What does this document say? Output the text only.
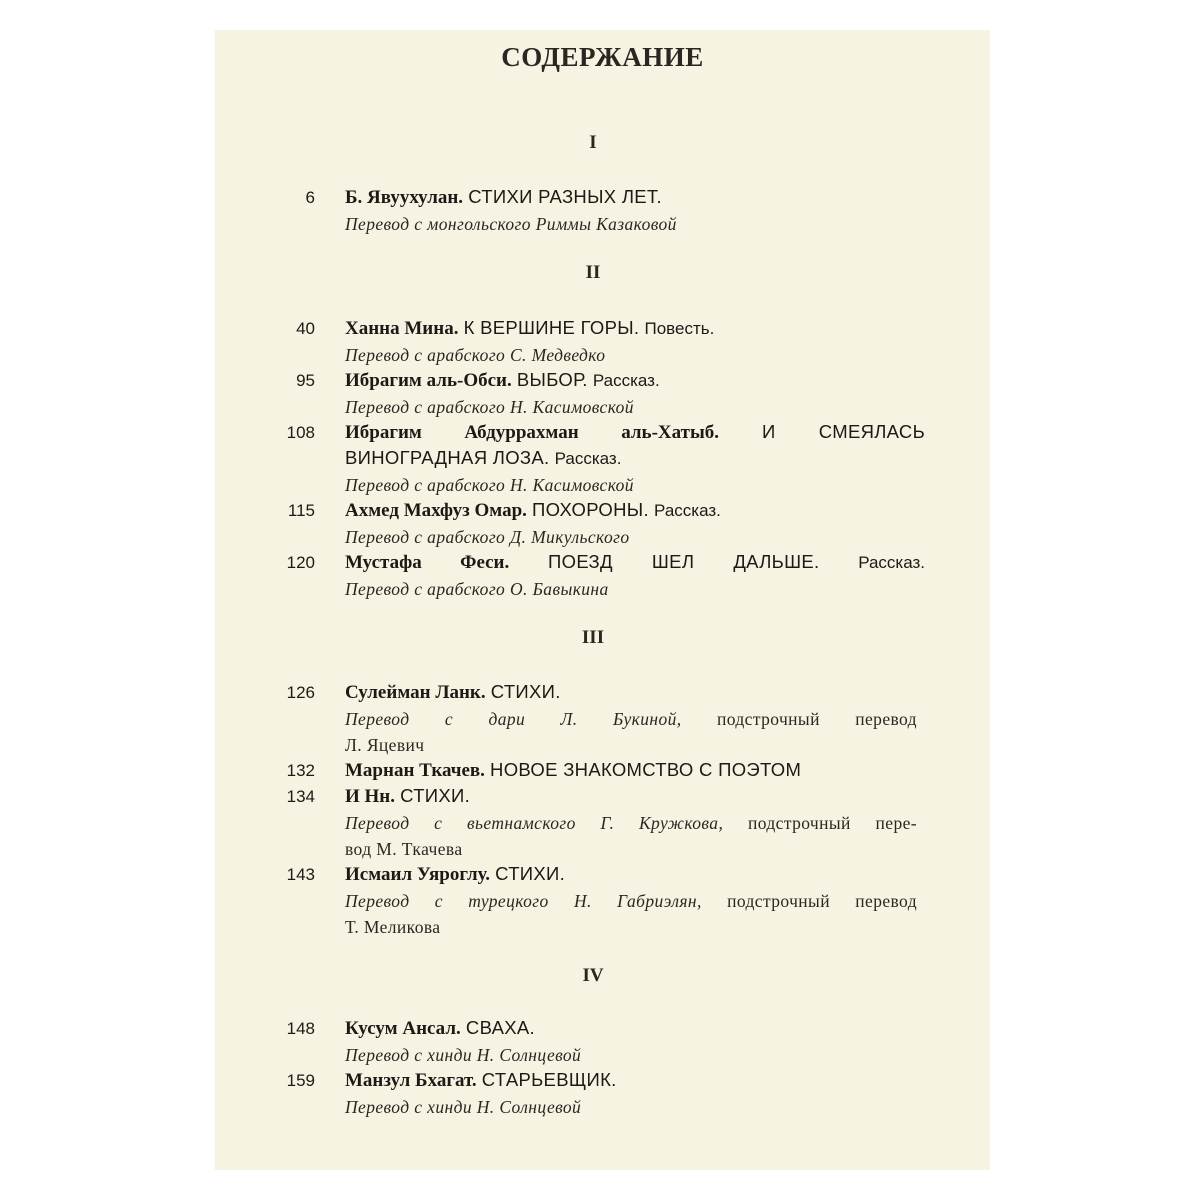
СОДЕРЖАНИЕ
I
6 Б. Явуухулан. СТИХИ РАЗНЫХ ЛЕТ.
Перевод с монгольского Риммы Казаковой
II
40 Ханна Мина. К ВЕРШИНЕ ГОРЫ. Повесть.
Перевод с арабского С. Медведко
95 Ибрагим аль-Обси. ВЫБОР. Рассказ.
Перевод с арабского Н. Касимовской
108 Ибрагим Абдуррахман аль-Хатыб. И СМЕЯЛАСЬ
ВИНОГРАДНАЯ ЛОЗА. Рассказ.
Перевод с арабского Н. Касимовской
115 Ахмед Махфуз Омар. ПОХОРОНЫ. Рассказ.
Перевод с арабского Д. Микульского
120 Мустафа Феси. ПОЕЗД ШЕЛ ДАЛЬШЕ. Рассказ.
Перевод с арабского О. Бавыкина
III
126 Сулейман Ланк. СТИХИ.
Перевод с дари Л. Букиной, подстрочный перевод
Л. Яцевич
132 Марнан Ткачев. НОВОЕ ЗНАКОМСТВО С ПОЭТОМ
134 И Нн. СТИХИ.
Перевод с вьетнамского Г. Кружкова, подстрочный пере-
вод М. Ткачева
143 Исмаил Уяроглу. СТИХИ.
Перевод с турецкого Н. Габриэлян, подстрочный перевод
Т. Меликова
IV
148 Кусум Ансал. СВАХА.
Перевод с хинди Н. Солнцевой
159 Манзул Бхагат. СТАРЬЕВЩИК.
Перевод с хинди Н. Солнцевой
